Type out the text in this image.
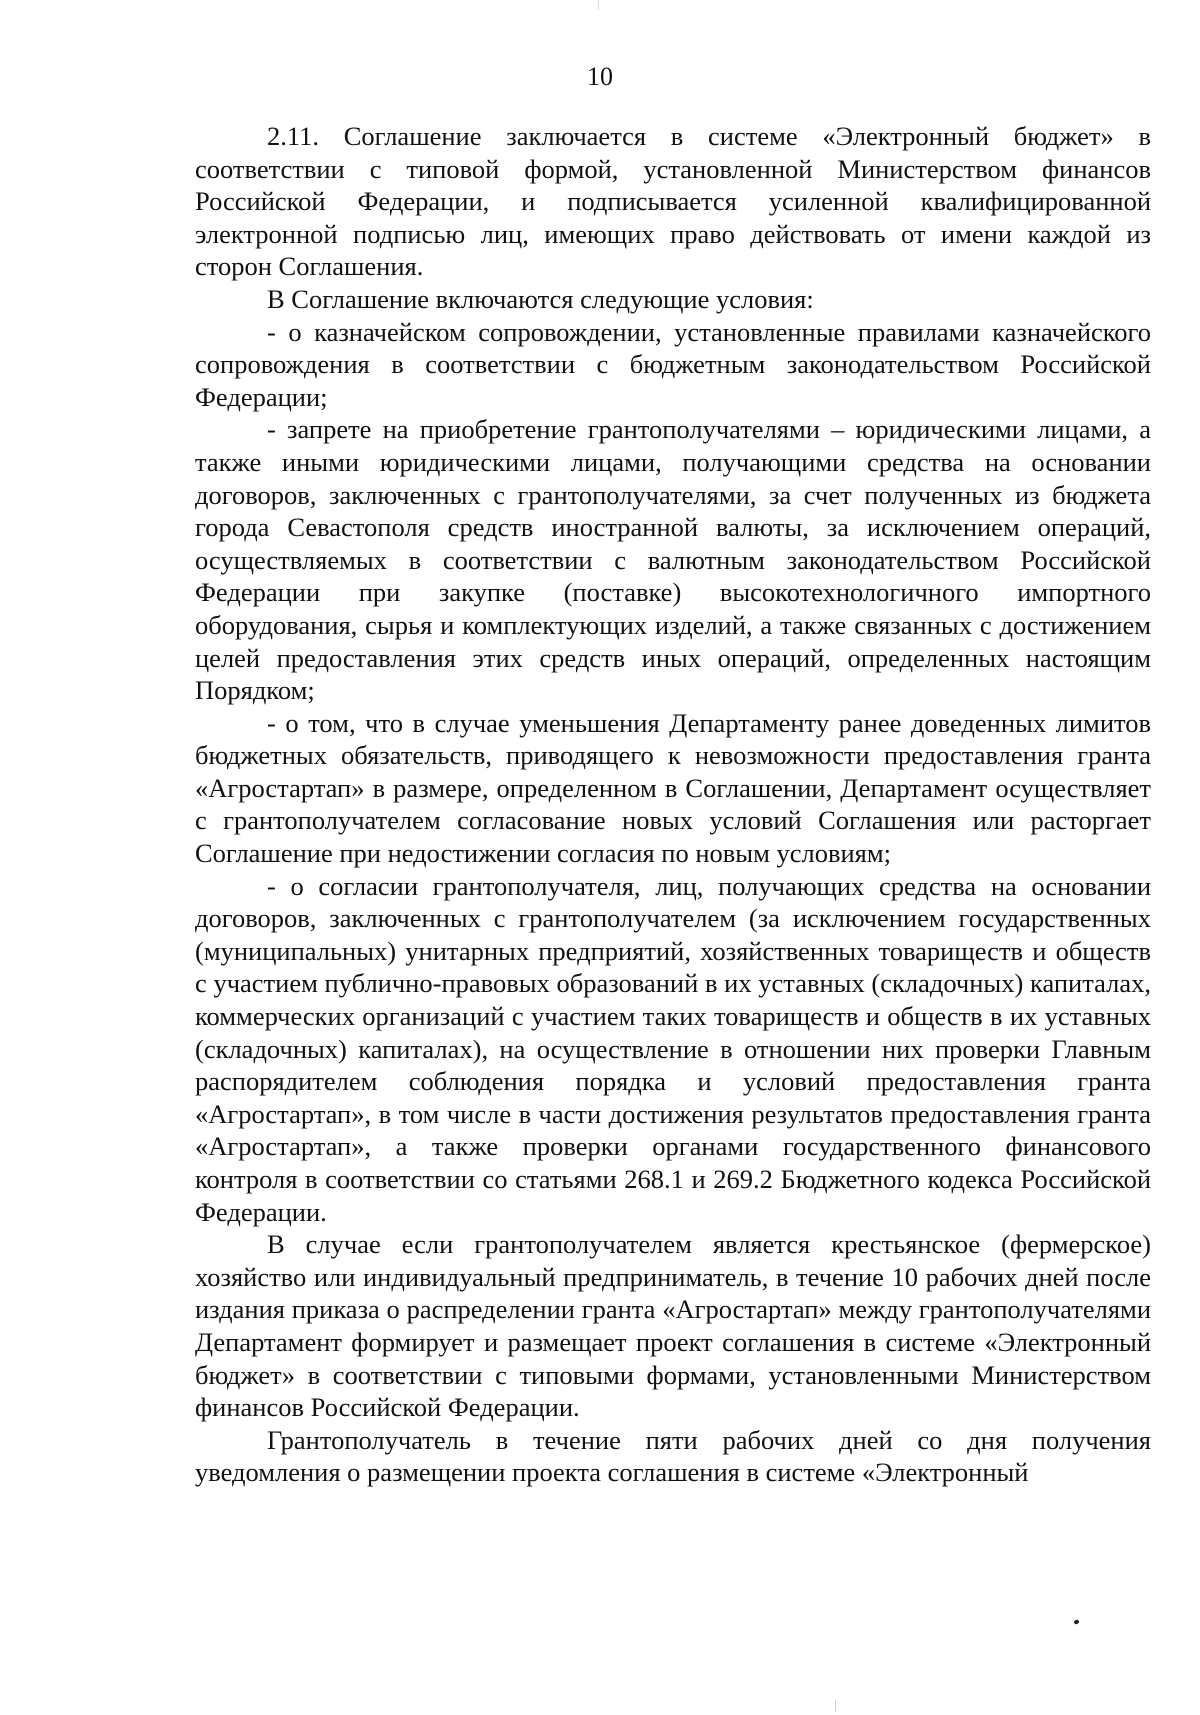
10

2.11. Соглашение заключается в системе «Электронный бюджет» в соответствии с типовой формой, установленной Министерством финансов Российской Федерации, и подписывается усиленной квалифицированной электронной подписью лиц, имеющих право действовать от имени каждой из сторон Соглашения.

В Соглашение включаются следующие условия:

- о казначейском сопровождении, установленные правилами казначейского сопровождения в соответствии с бюджетным законодательством Российской Федерации;

- запрете на приобретение грантополучателями – юридическими лицами, а также иными юридическими лицами, получающими средства на основании договоров, заключенных с грантополучателями, за счет полученных из бюджета города Севастополя средств иностранной валюты, за исключением операций, осуществляемых в соответствии с валютным законодательством Российской Федерации при закупке (поставке) высокотехнологичного импортного оборудования, сырья и комплектующих изделий, а также связанных с достижением целей предоставления этих средств иных операций, определенных настоящим Порядком;

- о том, что в случае уменьшения Департаменту ранее доведенных лимитов бюджетных обязательств, приводящего к невозможности предоставления гранта «Агростартап» в размере, определенном в Соглашении, Департамент осуществляет с грантополучателем согласование новых условий Соглашения или расторгает Соглашение при недостижении согласия по новым условиям;

- о согласии грантополучателя, лиц, получающих средства на основании договоров, заключенных с грантополучателем (за исключением государственных (муниципальных) унитарных предприятий, хозяйственных товариществ и обществ с участием публично-правовых образований в их уставных (складочных) капиталах, коммерческих организаций с участием таких товариществ и обществ в их уставных (складочных) капиталах), на осуществление в отношении них проверки Главным распорядителем соблюдения порядка и условий предоставления гранта «Агростартап», в том числе в части достижения результатов предоставления гранта «Агростартап», а также проверки органами государственного финансового контроля в соответствии со статьями 268.1 и 269.2 Бюджетного кодекса Российской Федерации.

В случае если грантополучателем является крестьянское (фермерское) хозяйство или индивидуальный предприниматель, в течение 10 рабочих дней после издания приказа о распределении гранта «Агростартап» между грантополучателями Департамент формирует и размещает проект соглашения в системе «Электронный бюджет» в соответствии с типовыми формами, установленными Министерством финансов Российской Федерации.

Грантополучатель в течение пяти рабочих дней со дня получения уведомления о размещении проекта соглашения в системе «Электронный
